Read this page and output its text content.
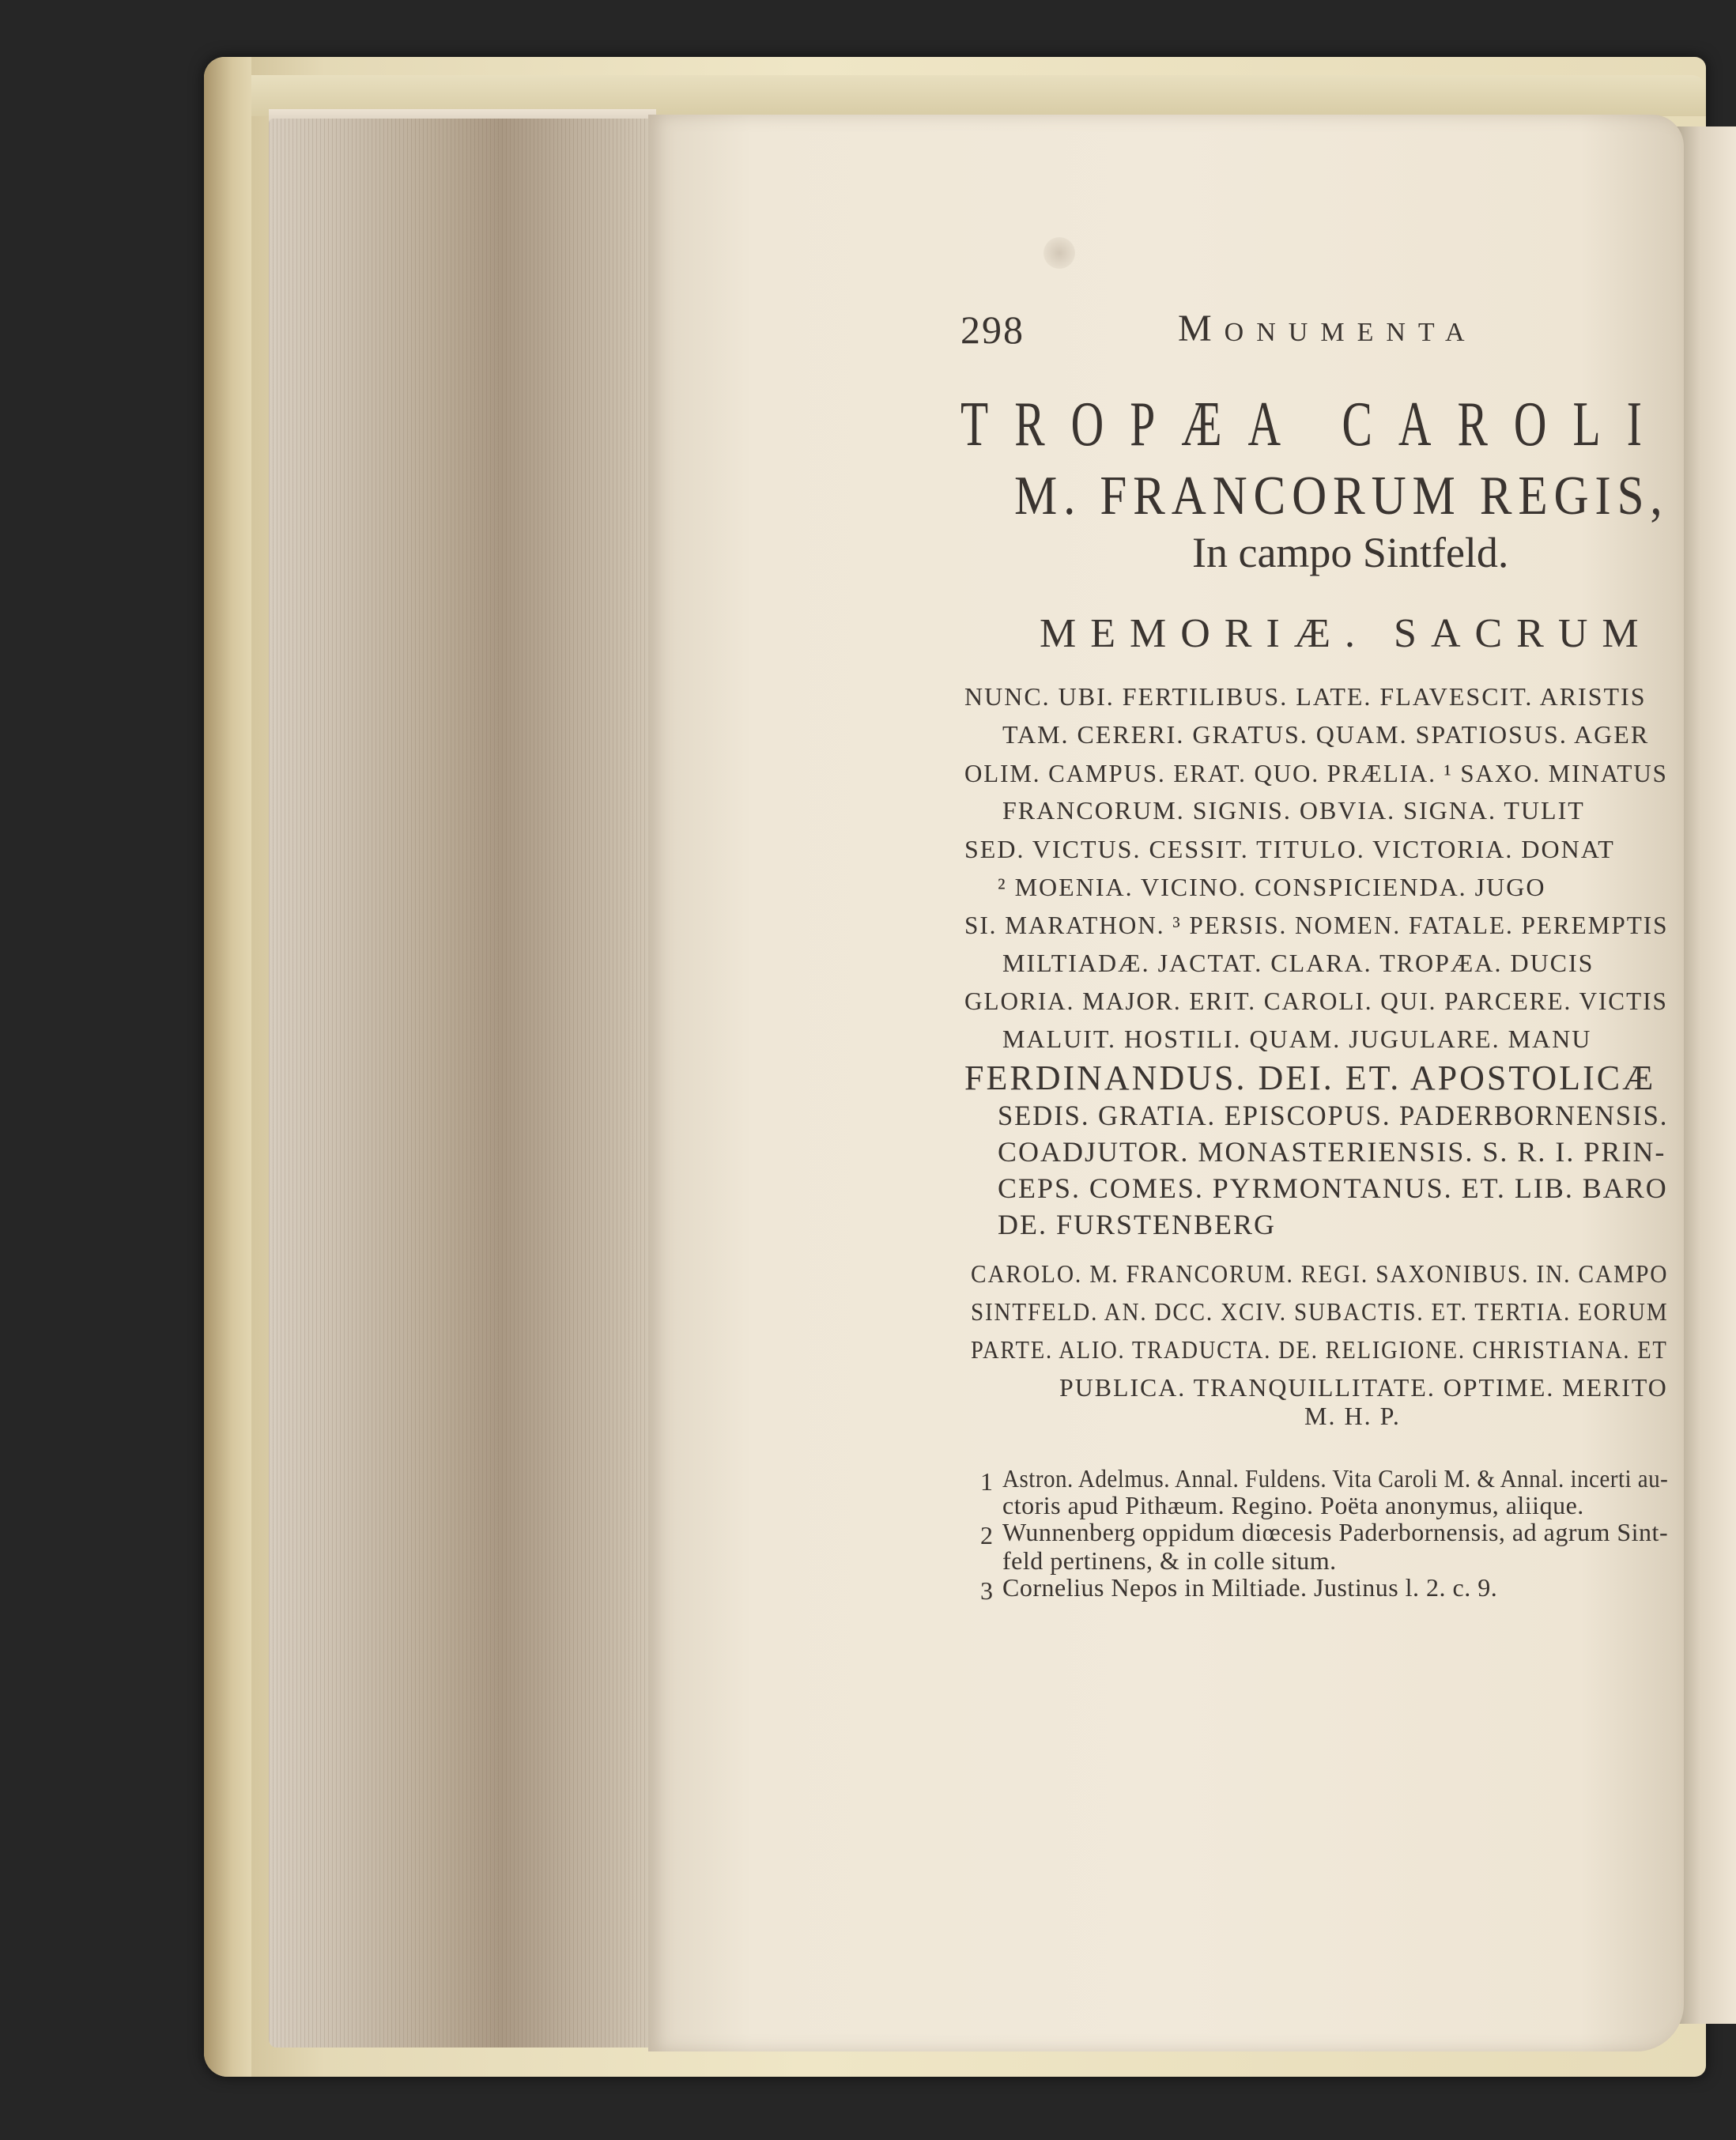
298	Monumenta
TROPÆA CAROLI
M. FRANCORUM REGIS,
In campo Sintfeld.
MEMORIÆ. SACRUM
NUNC. UBI. FERTILIBUS. LATE. FLAVESCIT. ARISTIS
TAM. CERERI. GRATUS. QUAM. SPATIOSUS. AGER
OLIM. CAMPUS. ERAT. QUO. PRÆLIA. ¹ SAXO. MINATUS
FRANCORUM. SIGNIS. OBVIA. SIGNA. TULIT
SED. VICTUS. CESSIT. TITULO. VICTORIA. DONAT
² MOENIA. VICINO. CONSPICIENDA. JUGO
SI. MARATHON. ³ PERSIS. NOMEN. FATALE. PEREMPTIS
MILTIADÆ. JACTAT. CLARA. TROPÆA. DUCIS
GLORIA. MAJOR. ERIT. CAROLI. QUI. PARCERE. VICTIS
MALUIT. HOSTILI. QUAM. JUGULARE. MANU
FERDINANDUS. DEI. ET. APOSTOLICÆ
SEDIS. GRATIA. EPISCOPUS. PADERBORNENSIS.
COADJUTOR. MONASTERIENSIS. S. R. I. PRIN-
CEPS. COMES. PYRMONTANUS. ET. LIB. BARO
DE. FURSTENBERG
CAROLO. M. FRANCORUM. REGI. SAXONIBUS. IN. CAMPO
SINTFELD. AN. DCC. XCIV. SUBACTIS. ET. TERTIA. EORUM
PARTE. ALIO. TRADUCTA. DE. RELIGIONE. CHRISTIANA. ET
PUBLICA. TRANQUILLITATE. OPTIME. MERITO
M. H. P.
1 Astron. Adelmus. Annal. Fuldens. Vita Caroli M. & Annal. incerti au-
ctoris apud Pithæum. Regino. Poëta anonymus, aliique.
2 Wunnenberg oppidum diœcesis Paderbornensis, ad agrum Sint-
feld pertinens, & in colle situm.
3 Cornelius Nepos in Miltiade. Justinus l. 2. c. 9.
